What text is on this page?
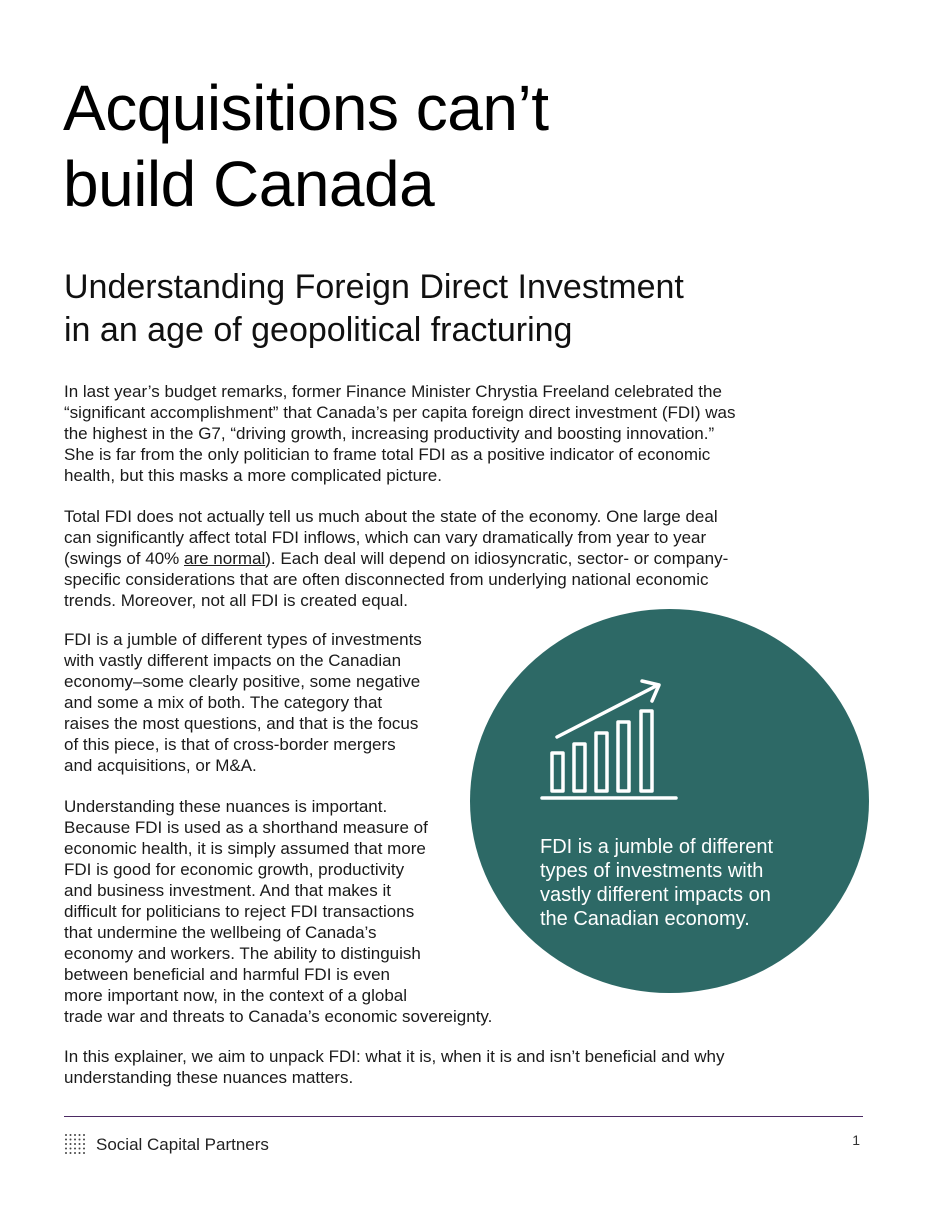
Acquisitions can’t
build Canada
Understanding Foreign Direct Investment
in an age of geopolitical fracturing

In last year’s budget remarks, former Finance Minister Chrystia Freeland celebrated the
“significant accomplishment” that Canada’s per capita foreign direct investment (FDI) was
the highest in the G7, “driving growth, increasing productivity and boosting innovation.”
She is far from the only politician to frame total FDI as a positive indicator of economic
health, but this masks a more complicated picture.

Total FDI does not actually tell us much about the state of the economy. One large deal
can significantly affect total FDI inflows, which can vary dramatically from year to year
(swings of 40% are normal). Each deal will depend on idiosyncratic, sector- or company-
specific considerations that are often disconnected from underlying national economic
trends. Moreover, not all FDI is created equal.

FDI is a jumble of different types of investments
with vastly different impacts on the Canadian
economy–some clearly positive, some negative
and some a mix of both. The category that
raises the most questions, and that is the focus
of this piece, is that of cross-border mergers
and acquisitions, or M&A.

Understanding these nuances is important.
Because FDI is used as a shorthand measure of
economic health, it is simply assumed that more
FDI is good for economic growth, productivity
and business investment. And that makes it
difficult for politicians to reject FDI transactions
that undermine the wellbeing of Canada’s
economy and workers. The ability to distinguish
between beneficial and harmful FDI is even
more important now, in the context of a global
trade war and threats to Canada’s economic sovereignty.

FDI is a jumble of different
types of investments with
vastly different impacts on
the Canadian economy.

In this explainer, we aim to unpack FDI: what it is, when it is and isn’t beneficial and why
understanding these nuances matters.

Social Capital Partners	1
